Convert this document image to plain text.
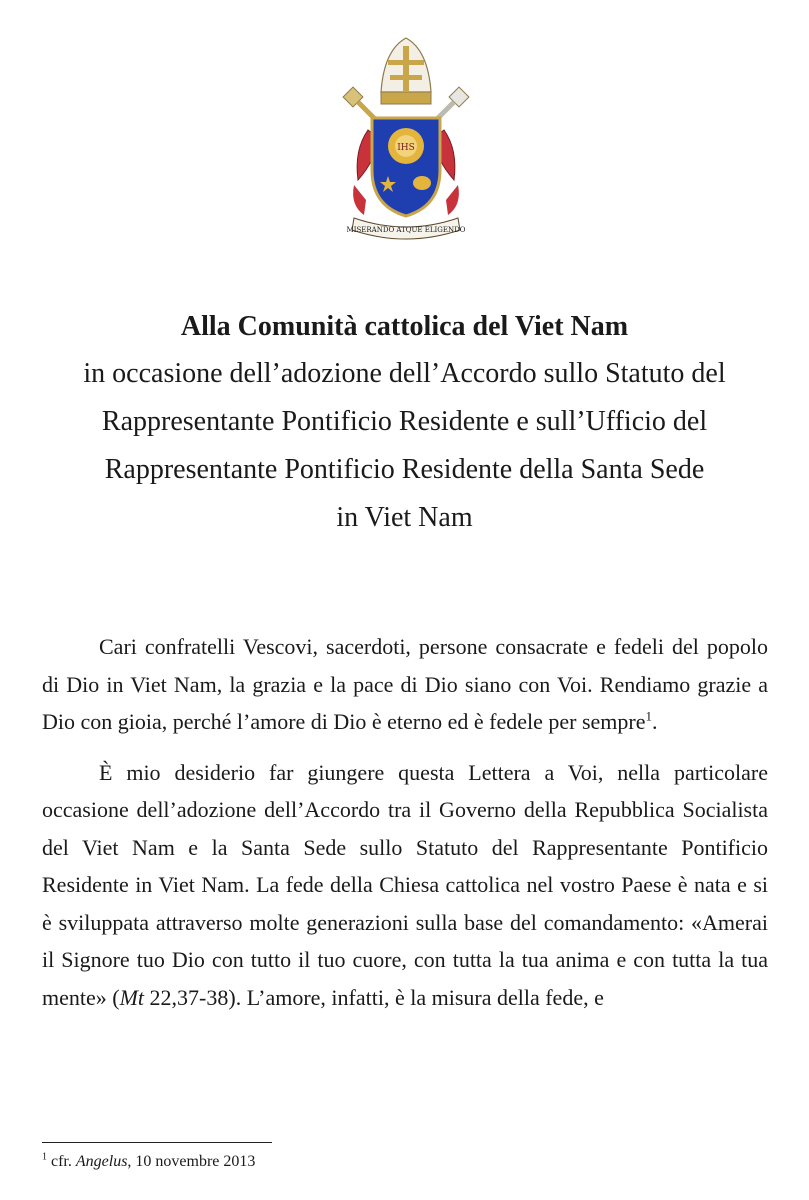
IHS
MISERANDO ATQUE ELIGENDO

Alla Comunità cattolica del Viet Nam

in occasione dell’adozione dell’Accordo sullo Statuto del

Rappresentante Pontificio Residente e sull’Ufficio del

Rappresentante Pontificio Residente della Santa Sede

in Viet Nam

Cari confratelli Vescovi, sacerdoti, persone consacrate e fedeli del popolo di Dio in Viet Nam, la grazia e la pace di Dio siano con Voi. Rendiamo grazie a Dio con gioia, perché l’amore di Dio è eterno ed è fedele per sempre$^1$.

È mio desiderio far giungere questa Lettera a Voi, nella particolare occasione dell’adozione dell’Accordo tra il Governo della Repubblica Socialista del Viet Nam e la Santa Sede sullo Statuto del Rappresentante Pontificio Residente in Viet Nam. La fede della Chiesa cattolica nel vostro Paese è nata e si è sviluppata attraverso molte generazioni sulla base del comandamento: «Amerai il Signore tuo Dio con tutto il tuo cuore, con tutta la tua anima e con tutta la tua mente» (Mt 22,37-38). L’amore, infatti, è la misura della fede, e

$^1$ cfr. Angelus, 10 novembre 2013
